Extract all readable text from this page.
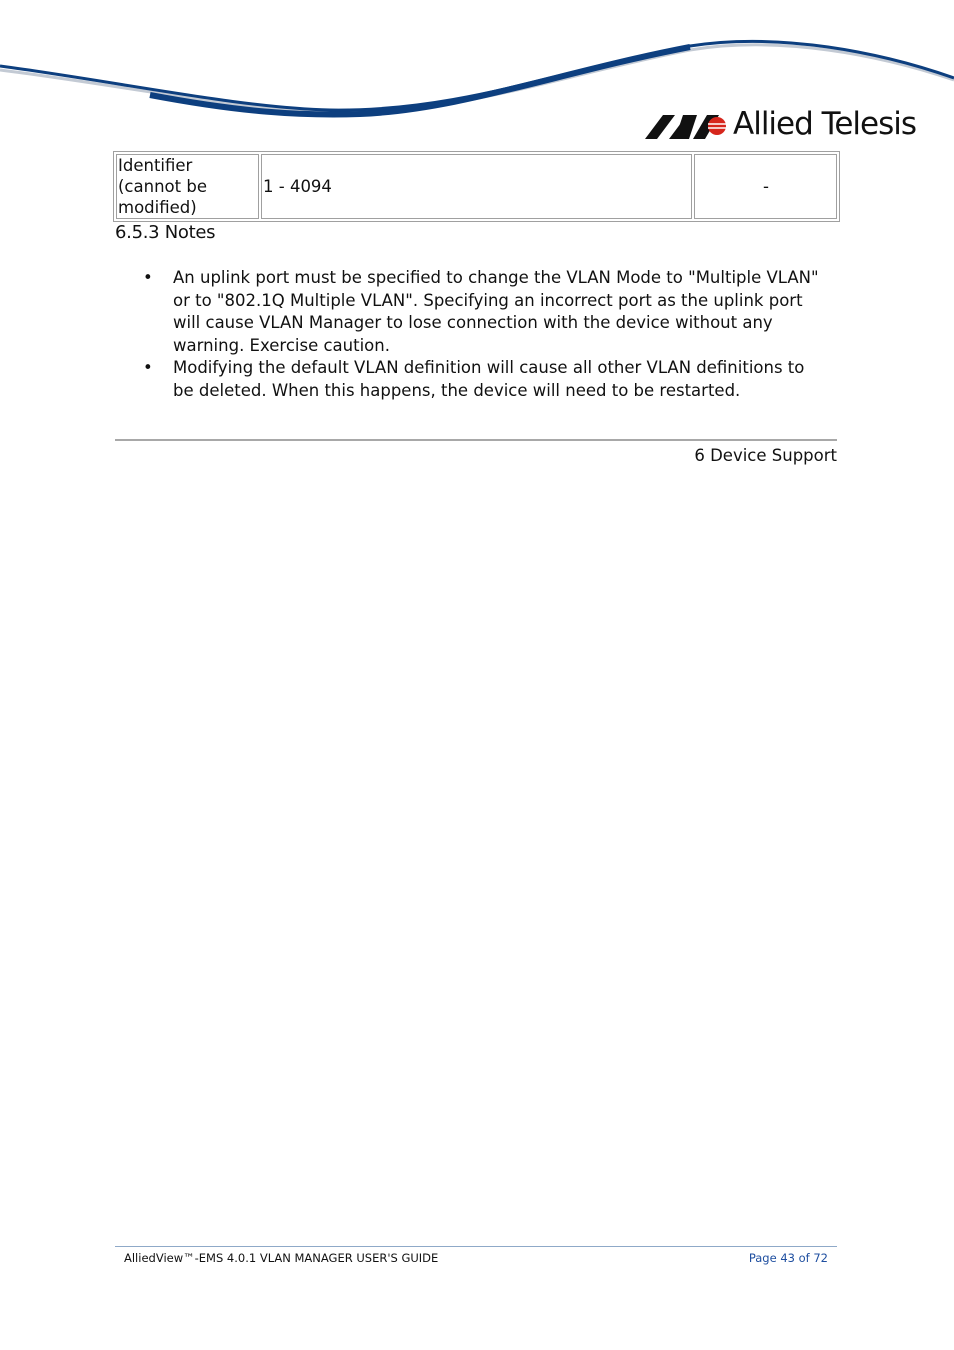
Allied Telesis
Identifier (cannot be modified)	1 - 4094	-
6.5.3 Notes
• An uplink port must be specified to change the VLAN Mode to "Multiple VLAN" or to "802.1Q Multiple VLAN". Specifying an incorrect port as the uplink port will cause VLAN Manager to lose connection with the device without any warning. Exercise caution.
• Modifying the default VLAN definition will cause all other VLAN definitions to be deleted. When this happens, the device will need to be restarted.
6 Device Support
AlliedView™-EMS 4.0.1 VLAN MANAGER USER'S GUIDE	Page 43 of 72
